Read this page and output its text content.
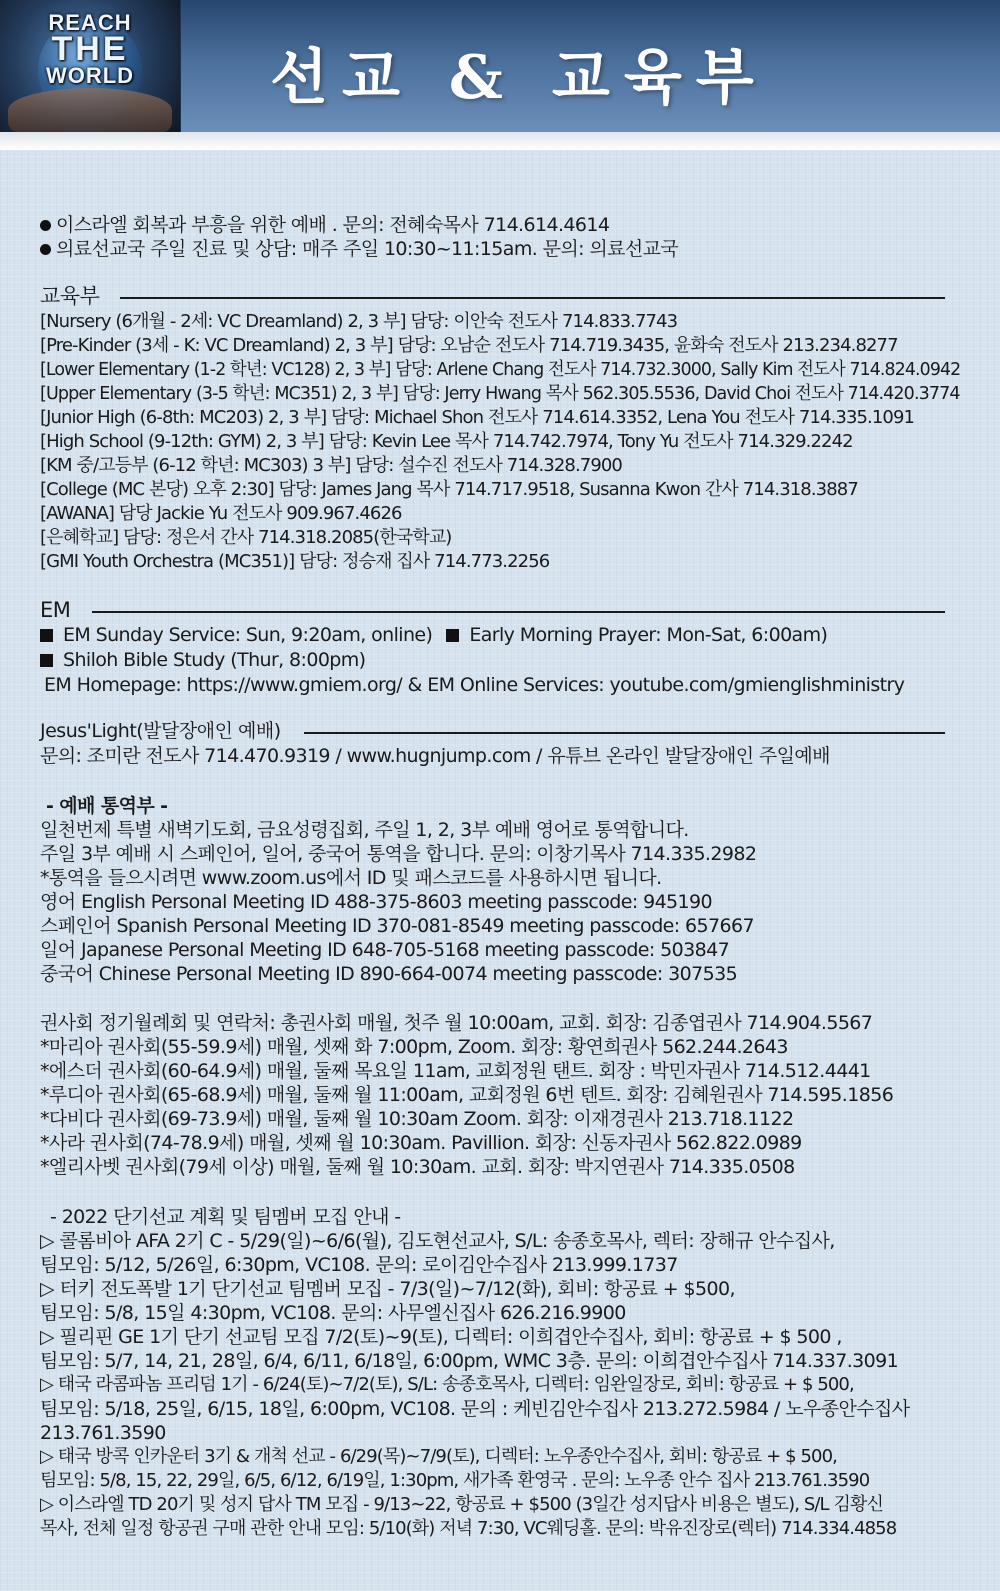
REACH
THE
WORLD	선교 & 교육부
이스라엘 회복과 부흥을 위한 예배 . 문의: 전혜숙목사 714.614.4614
의료선교국 주일 진료 및 상담: 매주 주일 10:30~11:15am. 문의: 의료선교국
교육부
[Nursery (6개월 - 2세: VC Dreamland) 2, 3 부] 담당: 이안숙 전도사 714.833.7743
[Pre-Kinder (3세 - K: VC Dreamland) 2, 3 부] 담당: 오남순 전도사 714.719.3435, 윤화숙 전도사 213.234.8277
[Lower Elementary (1-2 학년: VC128) 2, 3 부] 담당: Arlene Chang 전도사 714.732.3000, Sally Kim 전도사 714.824.0942
[Upper Elementary (3-5 학년: MC351) 2, 3 부] 담당: Jerry Hwang 목사 562.305.5536, David Choi 전도사 714.420.3774
[Junior High (6-8th: MC203) 2, 3 부] 담당: Michael Shon 전도사 714.614.3352, Lena You 전도사 714.335.1091
[High School (9-12th: GYM) 2, 3 부] 담당: Kevin Lee 목사 714.742.7974, Tony Yu 전도사 714.329.2242
[KM 중/고등부 (6-12 학년: MC303) 3 부] 담당: 설수진 전도사 714.328.7900
[College (MC 본당) 오후 2:30] 담당: James Jang 목사 714.717.9518, Susanna Kwon 간사 714.318.3887
[AWANA] 담당 Jackie Yu 전도사 909.967.4626
[은혜학교] 담당: 정은서 간사 714.318.2085(한국학교)
[GMI Youth Orchestra (MC351)] 담당: 정승재 집사 714.773.2256
EM
EM Sunday Service: Sun, 9:20am, online) Early Morning Prayer: Mon-Sat, 6:00am)
Shiloh Bible Study (Thur, 8:00pm)
EM Homepage: https://www.gmiem.org/ & EM Online Services: youtube.com/gmienglishministry
Jesus'Light(발달장애인 예배)
문의: 조미란 전도사 714.470.9319 / www.hugnjump.com / 유튜브 온라인 발달장애인 주일예배
- 예배 통역부 -
일천번제 특별 새벽기도회, 금요성령집회, 주일 1, 2, 3부 예배 영어로 통역합니다.
주일 3부 예배 시 스페인어, 일어, 중국어 통역을 합니다. 문의: 이창기목사 714.335.2982
*통역을 들으시려면 www.zoom.us에서 ID 및 패스코드를 사용하시면 됩니다.
영어 English Personal Meeting ID 488-375-8603 meeting passcode: 945190
스페인어 Spanish Personal Meeting ID 370-081-8549 meeting passcode: 657667
일어 Japanese Personal Meeting ID 648-705-5168 meeting passcode: 503847
중국어 Chinese Personal Meeting ID 890-664-0074 meeting passcode: 307535
권사회 정기월례회 및 연락처: 총권사회 매월, 첫주 월 10:00am, 교회. 회장: 김종엽권사 714.904.5567
*마리아 권사회(55-59.9세) 매월, 셋째 화 7:00pm, Zoom. 회장: 황연희권사 562.244.2643
*에스더 권사회(60-64.9세) 매월, 둘째 목요일 11am, 교회정원 탠트. 회장 : 박민자권사 714.512.4441
*루디아 권사회(65-68.9세) 매월, 둘째 월 11:00am, 교회정원 6번 텐트. 회장: 김혜원권사 714.595.1856
*다비다 권사회(69-73.9세) 매월, 둘째 월 10:30am Zoom. 회장: 이재경권사 213.718.1122
*사라 권사회(74-78.9세) 매월, 셋째 월 10:30am. Pavillion. 회장: 신동자권사 562.822.0989
*엘리사벳 권사회(79세 이상) 매월, 둘째 월 10:30am. 교회. 회장: 박지연권사 714.335.0508
- 2022 단기선교 계획 및 팀멤버 모집 안내 -
▷ 콜롬비아 AFA 2기 C - 5/29(일)~6/6(월), 김도현선교사, S/L: 송종호목사, 렉터: 장해규 안수집사,
팀모임: 5/12, 5/26일, 6:30pm, VC108. 문의: 로이김안수집사 213.999.1737
▷ 터키 전도폭발 1기 단기선교 팀멤버 모집 - 7/3(일)~7/12(화), 회비: 항공료 + $500,
팀모임: 5/8, 15일 4:30pm, VC108. 문의: 사무엘신집사 626.216.9900
▷ 필리핀 GE 1기 단기 선교팀 모집 7/2(토)~9(토), 디렉터: 이희겹안수집사, 회비: 항공료 + $ 500 ,
팀모임: 5/7, 14, 21, 28일, 6/4, 6/11, 6/18일, 6:00pm, WMC 3층. 문의: 이희겹안수집사 714.337.3091
▷ 태국 라콤파놈 프리덤 1기 - 6/24(토)~7/2(토), S/L: 송종호목사, 디렉터: 임완일장로, 회비: 항공료 + $ 500,
팀모임: 5/18, 25일, 6/15, 18일, 6:00pm, VC108. 문의 : 케빈김안수집사 213.272.5984 / 노우종안수집사
213.761.3590
▷ 태국 방콕 인카운터 3기 & 개척 선교 - 6/29(목)~7/9(토), 디렉터: 노우종안수집사, 회비: 항공료 + $ 500,
팀모임: 5/8, 15, 22, 29일, 6/5, 6/12, 6/19일, 1:30pm, 새가족 환영국 . 문의: 노우종 안수 집사 213.761.3590
▷ 이스라엘 TD 20기 및 성지 답사 TM 모집 - 9/13~22, 항공료 + $500 (3일간 성지답사 비용은 별도), S/L 김황신
목사, 전체 일정 항공권 구매 관한 안내 모임: 5/10(화) 저녁 7:30, VC웨딩홀. 문의: 박유진장로(렉터) 714.334.4858
